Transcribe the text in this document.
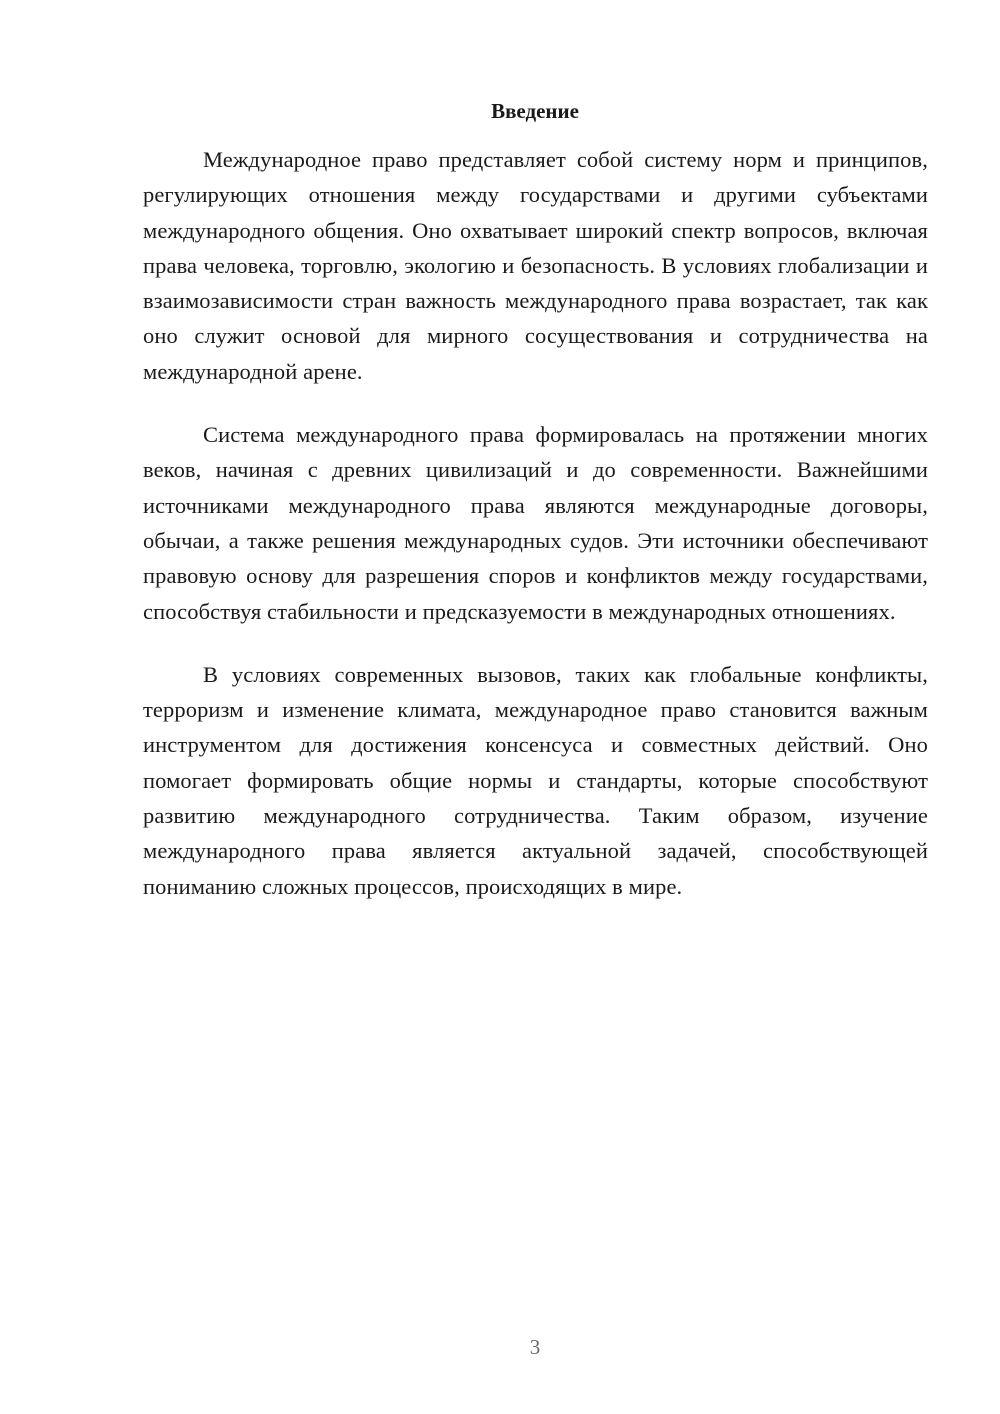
Введение

Международное право представляет собой систему норм и принципов, регулирующих отношения между государствами и другими субъектами международного общения. Оно охватывает широкий спектр вопросов, включая права человека, торговлю, экологию и безопасность. В условиях глобализации и взаимозависимости стран важность международного права возрастает, так как оно служит основой для мирного сосуществования и сотрудничества на международной арене.

Система международного права формировалась на протяжении многих веков, начиная с древних цивилизаций и до современности. Важнейшими источниками международного права являются международные договоры, обычаи, а также решения международных судов. Эти источники обеспечивают правовую основу для разрешения споров и конфликтов между государствами, способствуя стабильности и предсказуемости в международных отношениях.

В условиях современных вызовов, таких как глобальные конфликты, терроризм и изменение климата, международное право становится важным инструментом для достижения консенсуса и совместных действий. Оно помогает формировать общие нормы и стандарты, которые способствуют развитию международного сотрудничества. Таким образом, изучение международного права является актуальной задачей, способствующей пониманию сложных процессов, происходящих в мире.

3
